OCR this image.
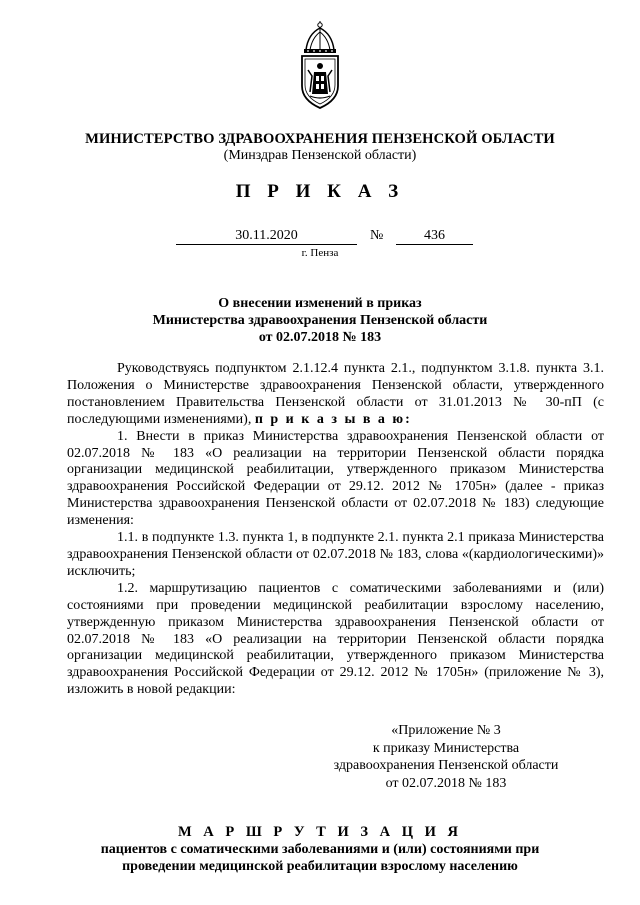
МИНИСТЕРСТВО ЗДРАВООХРАНЕНИЯ ПЕНЗЕНСКОЙ ОБЛАСТИ
(Минздрав Пензенской области)
П Р И К А З
30.11.2020	№	436
г. Пенза
О внесении изменений в приказ
Министерства здравоохранения Пензенской области
от 02.07.2018 № 183

Руководствуясь подпунктом 2.1.12.4 пункта 2.1., подпунктом 3.1.8. пункта 3.1. Положения о Министерстве здравоохранения Пензенской области, утвержденного постановлением Правительства Пензенской области от 31.01.2013 № 30-пП (с последующими изменениями), п р и к а з ы в а ю:

1. Внести в приказ Министерства здравоохранения Пензенской области от 02.07.2018 № 183 «О реализации на территории Пензенской области порядка организации медицинской реабилитации, утвержденного приказом Министерства здравоохранения Российской Федерации от 29.12. 2012 № 1705н» (далее - приказ Министерства здравоохранения Пензенской области от 02.07.2018 № 183) следующие изменения:

1.1. в подпункте 1.3. пункта 1, в подпункте 2.1. пункта 2.1 приказа Министерства здравоохранения Пензенской области от 02.07.2018 № 183, слова «(кардиологическими)» исключить;

1.2. маршрутизацию пациентов с соматическими заболеваниями и (или) состояниями при проведении медицинской реабилитации взрослому населению, утвержденную приказом Министерства здравоохранения Пензенской области от 02.07.2018 № 183 «О реализации на территории Пензенской области порядка организации медицинской реабилитации, утвержденного приказом Министерства здравоохранения Российской Федерации от 29.12. 2012 № 1705н» (приложение № 3), изложить в новой редакции:

«Приложение № 3
к приказу Министерства
здравоохранения Пензенской области
от 02.07.2018 № 183
М А Р Ш Р У Т И З А Ц И Я
пациентов с соматическими заболеваниями и (или) состояниями при
проведении медицинской реабилитации взрослому населению
